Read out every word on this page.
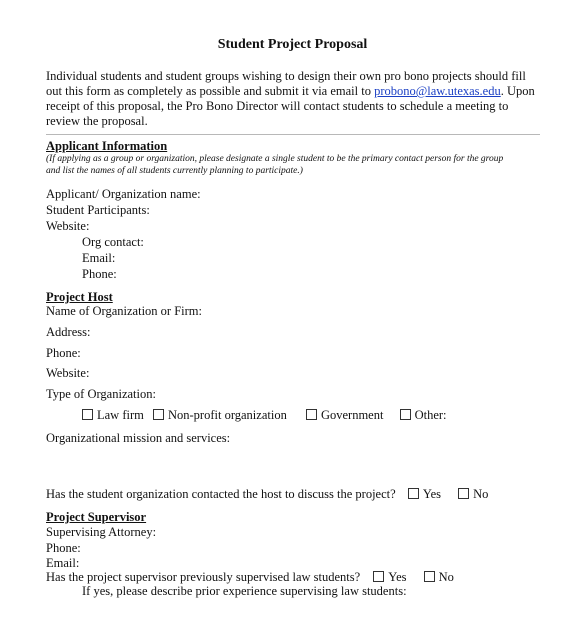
Student Project Proposal
Individual students and student groups wishing to design their own pro bono projects should fill
out this form as completely as possible and submit it via email to probono@law.utexas.edu. Upon
receipt of this proposal, the Pro Bono Director will contact students to schedule a meeting to
review the proposal.
Applicant Information
(If applying as a group or organization, please designate a single student to be the primary contact person for the group
and list the names of all students currently planning to participate.)
Applicant/ Organization name:
Student Participants:
Website:
Org contact:
Email:
Phone:
Project Host
Name of Organization or Firm:
Address:
Phone:
Website:
Type of Organization:
Law firm Non-profit organization	Government Other:
Organizational mission and services:
Has the student organization contacted the host to discuss the project? Yes	No
Project Supervisor
Supervising Attorney:
Phone:
Email:
Has the project supervisor previously supervised law students? Yes	No
If yes, please describe prior experience supervising law students:
